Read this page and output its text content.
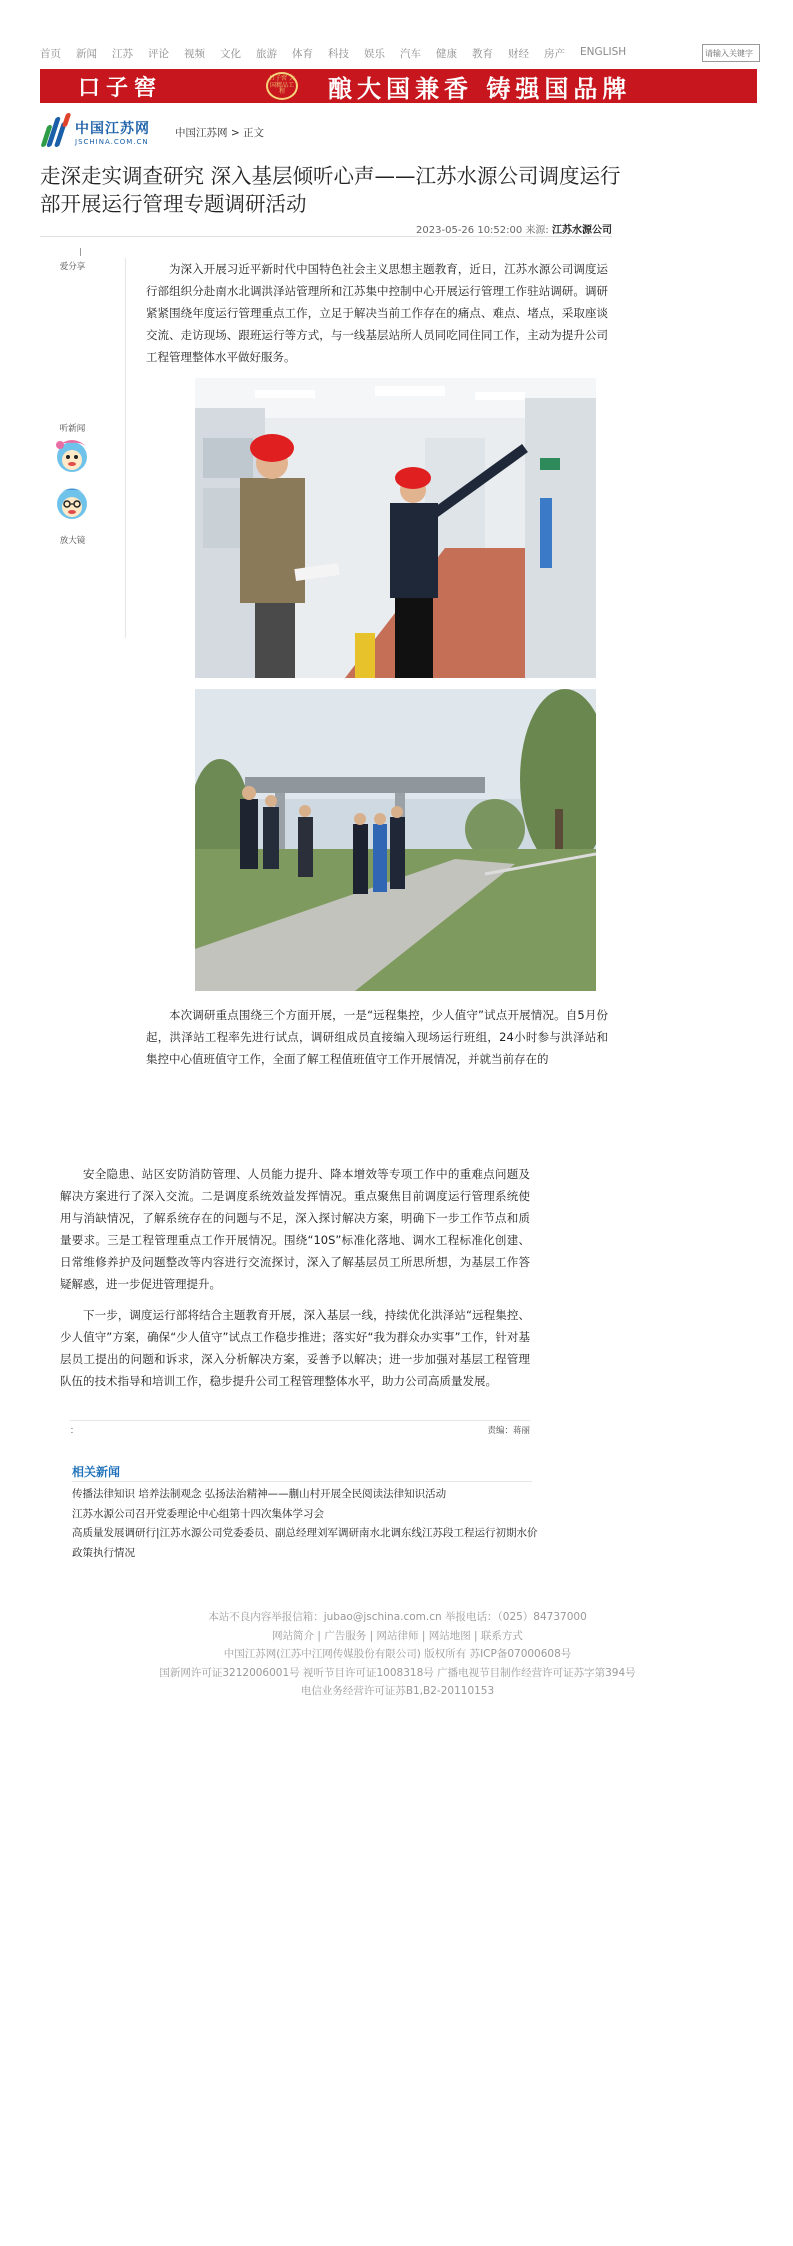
首页 新闻 江苏 评论 视频 文化 旅游 体育 科技 娱乐 汽车 健康 教育 财经 房产 ENGLISH	请输入关键字
口子窖	口子窖 大国精品工程	酿大国兼香 铸强国品牌
中国江苏网
JSCHINA.COM.CN
中国江苏网 > 正文
走深走实调查研究 深入基层倾听心声——江苏水源公司调度运行部开展运行管理专题调研活动
2023-05-26 10:52:00 来源: 江苏水源公司
爱分享
听新闻
放大镜

为深入开展习近平新时代中国特色社会主义思想主题教育，近日，江苏水源公司调度运行部组织分赴南水北调洪泽站管理所和江苏集中控制中心开展运行管理工作驻站调研。调研紧紧围绕年度运行管理重点工作，立足于解决当前工作存在的痛点、难点、堵点，采取座谈交流、走访现场、跟班运行等方式，与一线基层站所人员同吃同住同工作，主动为提升公司工程管理整体水平做好服务。

本次调研重点围绕三个方面开展，一是“远程集控，少人值守”试点开展情况。自5月份起，洪泽站工程率先进行试点，调研组成员直接编入现场运行班组，24小时参与洪泽站和集控中心值班值守工作，全面了解工程值班值守工作开展情况，并就当前存在的

安全隐患、站区安防消防管理、人员能力提升、降本增效等专项工作中的重难点问题及解决方案进行了深入交流。二是调度系统效益发挥情况。重点聚焦目前调度运行管理系统使用与消缺情况，了解系统存在的问题与不足，深入探讨解决方案，明确下一步工作节点和质量要求。三是工程管理重点工作开展情况。围绕“10S”标准化落地、调水工程标准化创建、日常维修养护及问题整改等内容进行交流探讨，深入了解基层员工所思所想，为基层工作答疑解惑，进一步促进管理提升。

下一步，调度运行部将结合主题教育开展，深入基层一线，持续优化洪泽站“远程集控、少人值守”方案，确保“少人值守”试点工作稳步推进；落实好“我为群众办实事”工作，针对基层员工提出的问题和诉求，深入分析解决方案，妥善予以解决；进一步加强对基层工程管理队伍的技术指导和培训工作，稳步提升公司工程管理整体水平，助力公司高质量发展。

：	责编：蒋丽
相关新闻
传播法律知识 培养法制观念 弘扬法治精神——蒯山村开展全民阅读法律知识活动
江苏水源公司召开党委理论中心组第十四次集体学习会
高质量发展调研行|江苏水源公司党委委员、副总经理刘军调研南水北调东线江苏段工程运行初期水价政策执行情况
本站不良内容举报信箱：jubao@jschina.com.cn 举报电话：（025）84737000
网站简介 | 广告服务 | 网站律师 | 网站地图 | 联系方式
中国江苏网(江苏中江网传媒股份有限公司) 版权所有 苏ICP备07000608号
国新网许可证3212006001号 视听节目许可证1008318号 广播电视节目制作经营许可证苏字第394号
电信业务经营许可证苏B1,B2-20110153
